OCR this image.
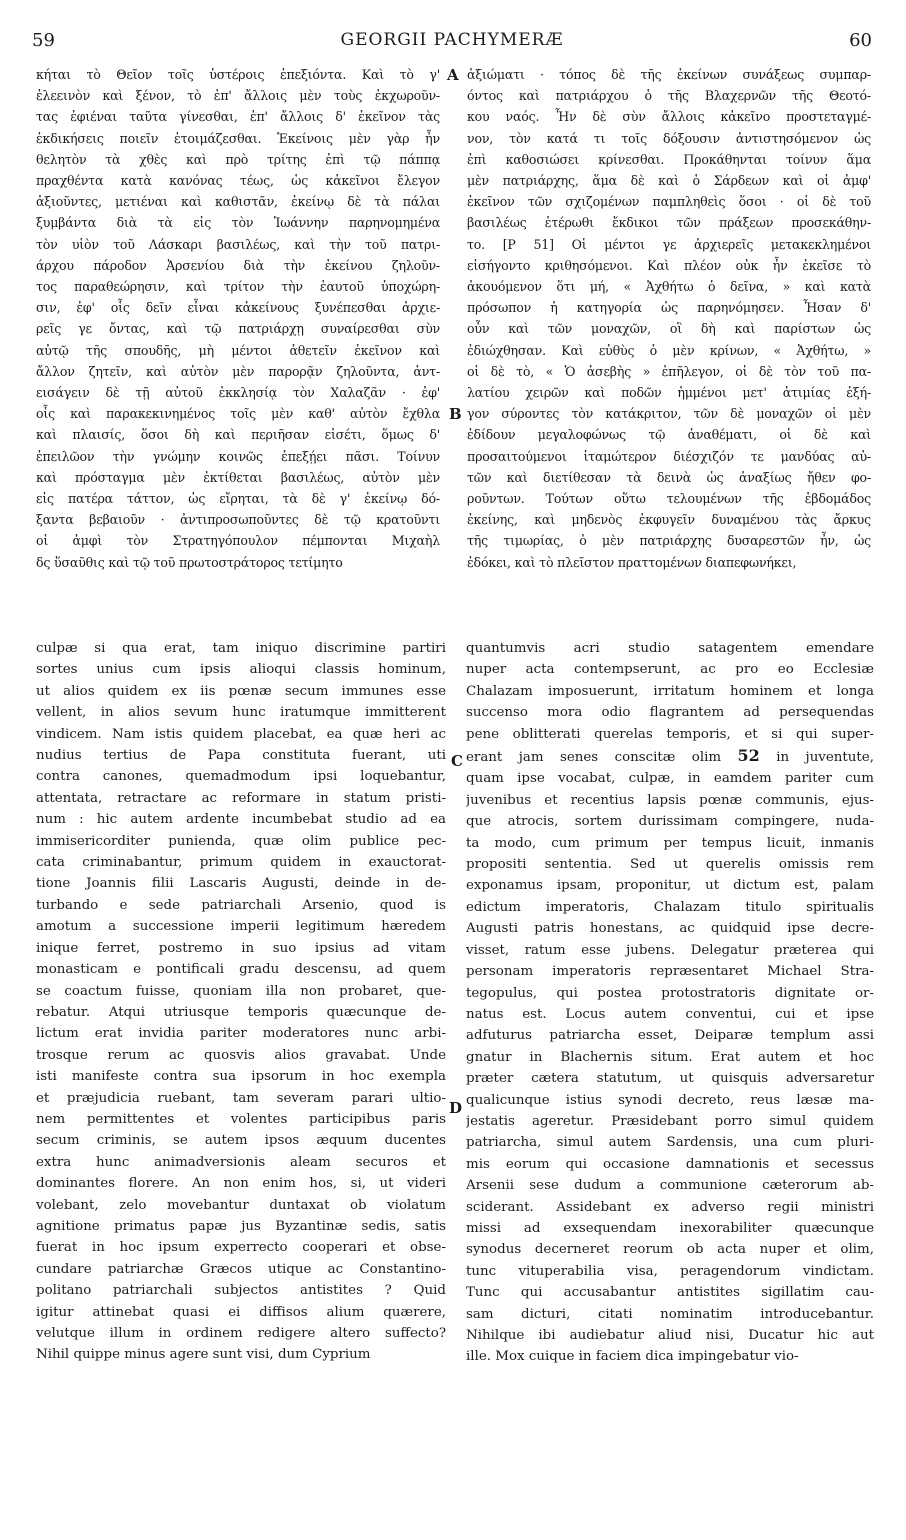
59	GEORGII PACHYMERÆ	60
κήται τὸ Θεῖον τοῖς ὑστέροις ἐπεξιόντα. Καὶ τὸ γ'
ἐλεεινὸν καὶ ξένον, τὸ ἐπ' ἄλλοις μὲν τοὺς ἐκχωροῦν-
τας ἐφιέναι ταῦτα γίνεσθαι, ἐπ' ἄλλοις δ' ἐκεῖνον τὰς
ἐκδικήσεις ποιεῖν ἑτοιμάζεσθαι. Ἐκείνοις μὲν γὰρ ἦν
θελητὸν τὰ χθὲς καὶ πρὸ τρίτης ἐπὶ τῷ πάππᾳ
πραχθέντα κατὰ κανόνας τέως, ὡς κἀκεῖνοι ἔλεγον
ἀξιοῦντες, μετιέναι καὶ καθιστᾶν, ἐκείνῳ δὲ τὰ πάλαι
ξυμβάντα διὰ τὰ εἰς τὸν Ἰωάννην παρηνομημένα
τὸν υἱὸν τοῦ Λάσκαρι βασιλέως, καὶ τὴν τοῦ πατρι-
άρχου πάροδον Ἀρσενίου διὰ τὴν ἐκείνου ζηλοῦν-
τος παραθεώρησιν, καὶ τρίτον τὴν ἑαυτοῦ ὑποχώρη-
σιν, ἐφ' οἷς δεῖν εἶναι κἀκείνους ξυνέπεσθαι ἀρχιε-
ρεῖς γε ὄντας, καὶ τῷ πατριάρχῃ συναίρεσθαι σὺν
αὐτῷ τῆς σπουδῆς, μὴ μέντοι ἀθετεῖν ἐκεῖνον καὶ
ἄλλον ζητεῖν, καὶ αὐτὸν μὲν παρορᾷν ζηλοῦντα, ἀντ-
εισάγειν δὲ τῇ αὐτοῦ ἐκκλησίᾳ τὸν Χαλαζᾶν · ἐφ'
οἷς καὶ παρακεκινημένος τοῖς μὲν καθ' αὐτὸν ἔχθλα
καὶ πλαισίς, ὅσοι δὴ καὶ περιῆσαν εἰσέτι, ὅμως δ'
ἐπειλῶον τὴν γνώμην κοινῶς ἐπεξῄει πᾶσι. Τοίνυν
καὶ πρόσταγμα μὲν ἐκτίθεται βασιλέως, αὐτὸν μὲν
εἰς πατέρα τάττον, ὡς εἴρηται, τὰ δὲ γ' ἐκείνῳ δό-
ξαντα βεβαιοῦν · ἀντιπροσωποῦντες δὲ τῷ κρατοῦντι
οἱ ἀμφὶ τὸν Στρατηγόπουλον πέμπονται Μιχαὴλ
δς ὕσαῦθις καὶ τῷ τοῦ πρωτοστράτορος τετίμητο
ἀξιώματι · τόπος δὲ τῆς ἐκείνων συνάξεως συμπαρ-
όντος καὶ πατριάρχου ὁ τῆς Βλαχερνῶν τῆς Θεοτό-
κου ναός. Ἦν δὲ σὺν ἄλλοις κἀκεῖνο προστεταγμέ-
νον, τὸν κατά τι τοῖς δόξουσιν ἀντιστησόμενον ὡς
ἐπὶ καθοσιώσει κρίνεσθαι. Προκάθηνται τοίνυν ἅμα
μὲν πατριάρχης, ἅμα δὲ καὶ ὁ Σάρδεων καὶ οἱ ἀμφ'
ἐκεῖνον τῶν σχιζομένων παμπληθεὶς ὅσοι · οἱ δὲ τοῦ
βασιλέως ἑτέρωθι ἔκδικοι τῶν πράξεων προσεκάθην-
το. [P 51] Οἱ μέντοι γε ἀρχιερεῖς μετακεκλημένοι
εἰσήγοντο κριθησόμενοι. Καὶ πλέον οὐκ ἦν ἐκεῖσε τὸ
ἀκουόμενον ὅτι μή, « Ἀχθήτω ὁ δεῖνα, » καὶ κατὰ
πρόσωπον ἡ κατηγορία ὡς παρηνόμησεν. Ἦσαν δ'
οὖν καὶ τῶν μοναχῶν, οἳ δὴ καὶ παρίστων ὡς
ἐδιώχθησαν. Καὶ εὐθὺς ὁ μὲν κρίνων, « Ἀχθήτω, »
οἱ δὲ τὸ, « Ὁ ἀσεβὴς » ἐπῆλεγον, οἱ δὲ τὸν τοῦ πα-
λατίου χειρῶν καὶ ποδῶν ἡμμένοι μετ' ἀτιμίας ἐξή-
γον σύροντες τὸν κατάκριτον, τῶν δὲ μοναχῶν οἱ μὲν
ἐδίδουν μεγαλοφώνως τῷ ἀναθέματι, οἱ δὲ καὶ
προσαιτούμενοι ἱταμώτερον διέσχιζόν τε μανδύας αὐ-
τῶν καὶ διετίθεσαν τὰ δεινὰ ὡς ἀναξίως ἤθεν φο-
ροῦντων. Τούτων οὕτω τελουμένων τῆς ἑβδομάδος
ἐκείνης, καὶ μηδενὸς ἐκφυγεῖν δυναμένου τὰς ἄρκυς
τῆς τιμωρίας, ὁ μὲν πατριάρχης δυσαρεστῶν ἦν, ὡς
ἐδόκει, καὶ τὸ πλεῖστον πραττομένων διαπεφωνήκει,
culpæ si qua erat, tam iniquo discrimine partiri
sortes unius cum ipsis alioqui classis hominum,
ut alios quidem ex iis pœnæ secum immunes esse
vellent, in alios sevum hunc iratumque immitterent
vindicem. Nam istis quidem placebat, ea quæ heri ac
nudius tertius de Papa constituta fuerant, uti
contra canones, quemadmodum ipsi loquebantur,
attentata, retractare ac reformare in statum pristi-
num : hic autem ardente incumbebat studio ad ea
immisericorditer punienda, quæ olim publice pec-
cata criminabantur, primum quidem in exauctorat-
tione Joannis filii Lascaris Augusti, deinde in de-
turbando e sede patriarchali Arsenio, quod is
amotum a successione imperii legitimum hæredem
inique ferret, postremo in suo ipsius ad vitam
monasticam e pontificali gradu descensu, ad quem
se coactum fuisse, quoniam illa non probaret, que-
rebatur. Atqui utriusque temporis quæcunque de-
lictum erat invidia pariter moderatores nunc arbi-
trosque rerum ac quosvis alios gravabat. Unde
isti manifeste contra sua ipsorum in hoc exempla
et præjudicia ruebant, tam severam parari ultio-
nem permittentes et volentes participibus paris
secum criminis, se autem ipsos æquum ducentes
extra hunc animadversionis aleam securos et
dominantes florere. An non enim hos, si, ut videri
volebant, zelo movebantur duntaxat ob violatum
agnitione primatus papæ jus Byzantinæ sedis, satis
fuerat in hoc ipsum experrecto cooperari et obse-
cundare patriarchæ Græcos utique ac Constantino-
politano patriarchali subjectos antistites ? Quid
igitur attinebat quasi ei diffisos alium quærere,
velutque illum in ordinem redigere altero suffecto?
Nihil quippe minus agere sunt visi, dum Cyprium
quantumvis acri studio satagentem emendare
nuper acta contempserunt, ac pro eo Ecclesiæ
Chalazam imposuerunt, irritatum hominem et longa
succenso mora odio flagrantem ad persequendas
pene oblitterati querelas temporis, et si qui super-
erant jam senes conscitæ olim 52 in juventute,
quam ipse vocabat, culpæ, in eamdem pariter cum
juvenibus et recentius lapsis pœnæ communis, ejus-
que atrocis, sortem durissimam compingere, nuda-
ta modo, cum primum per tempus licuit, inmanis
propositi sententia. Sed ut querelis omissis rem
exponamus ipsam, proponitur, ut dictum est, palam
edictum imperatoris, Chalazam titulo spiritualis
Augusti patris honestans, ac quidquid ipse decre-
visset, ratum esse jubens. Delegatur præterea qui
personam imperatoris repræsentaret Michael Stra-
tegopulus, qui postea protostratoris dignitate or-
natus est. Locus autem conventui, cui et ipse
adfuturus patriarcha esset, Deiparæ templum assi
gnatur in Blachernis situm. Erat autem et hoc
præter cætera statutum, ut quisquis adversaretur
qualicunque istius synodi decreto, reus læsæ ma-
jestatis ageretur. Præsidebant porro simul quidem
patriarcha, simul autem Sardensis, una cum pluri-
mis eorum qui occasione damnationis et secessus
Arsenii sese dudum a communione cæterorum ab-
sciderant. Assidebant ex adverso regii ministri
missi ad exsequendam inexorabiliter quæcunque
synodus decerneret reorum ob acta nuper et olim,
tunc vituperabilia visa, peragendorum vindictam.
Tunc qui accusabantur antistites sigillatim cau-
sam dicturi, citati nominatim introducebantur.
Nihilque ibi audiebatur aliud nisi, Ducatur hic aut
ille. Mox cuique in faciem dica impingebatur vio-
A
B
C
D
